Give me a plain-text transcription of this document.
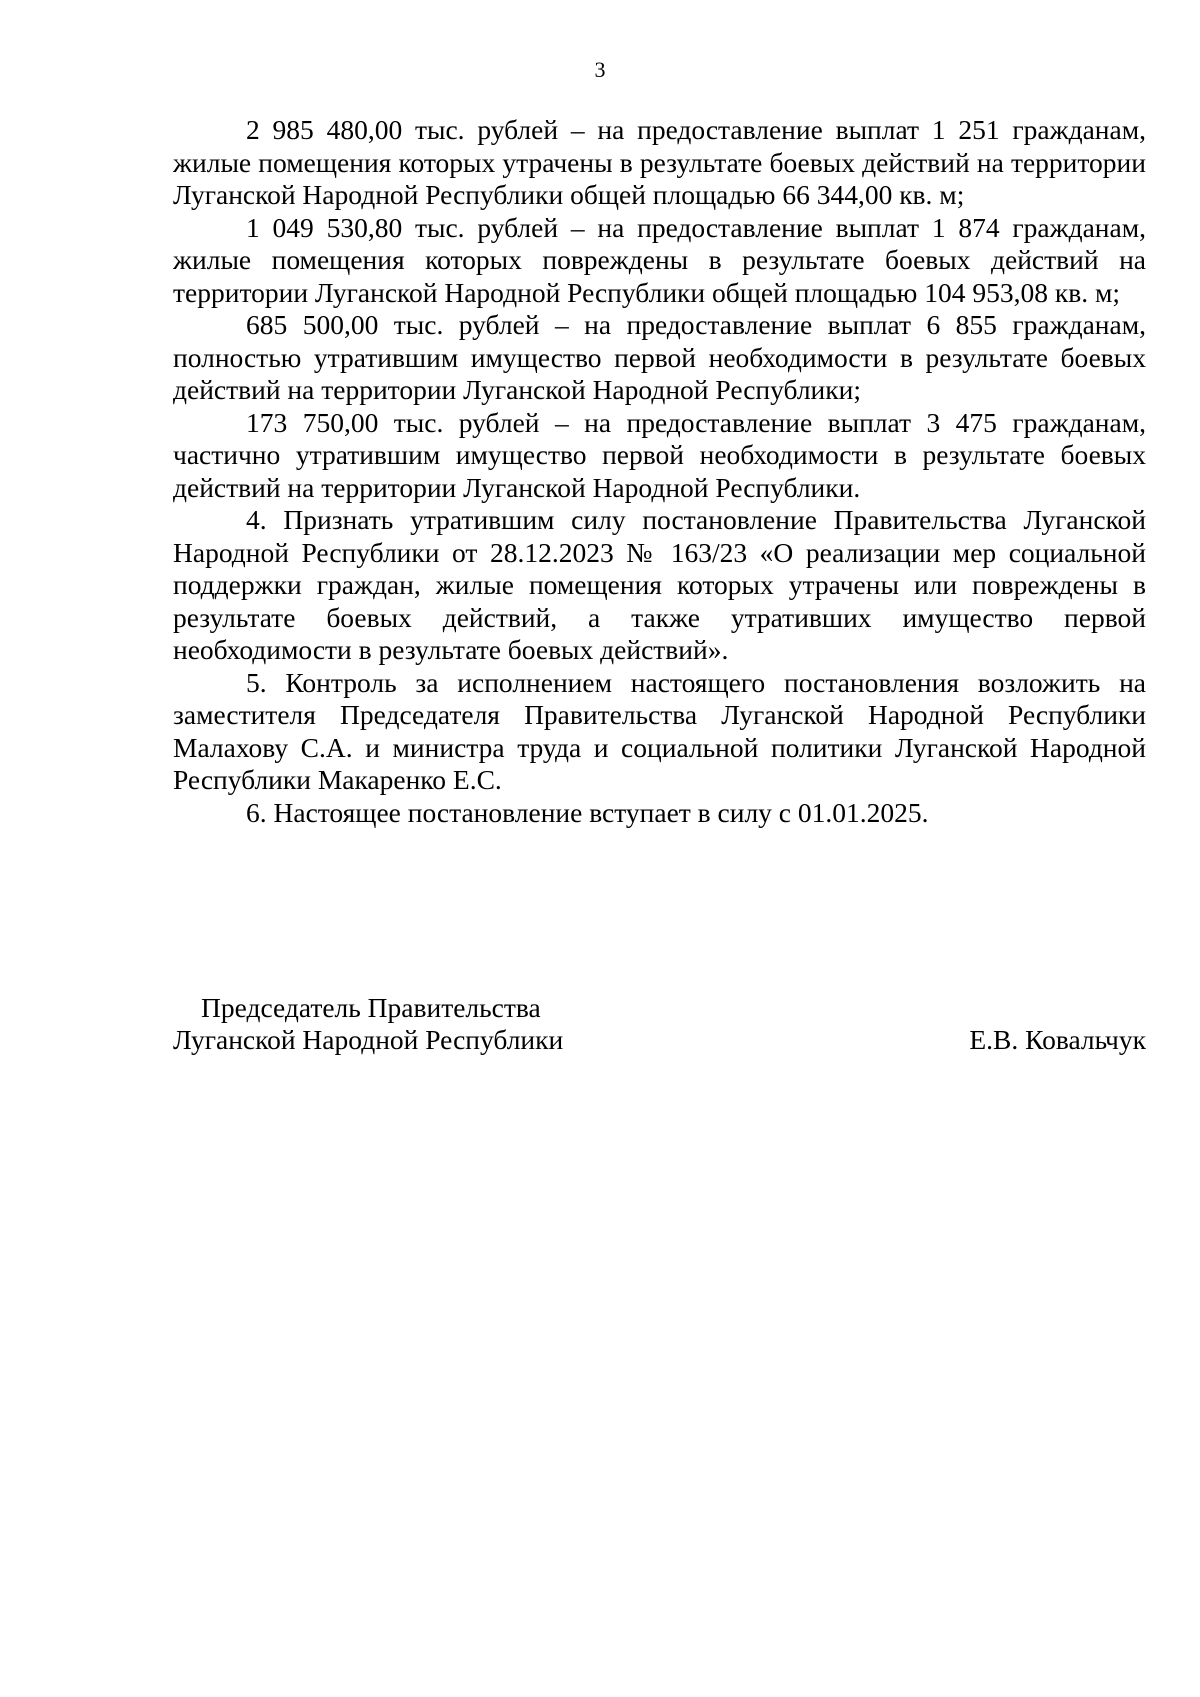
3

2 985 480,00 тыс. рублей – на предоставление выплат 1 251 гражданам, жилые помещения которых утрачены в результате боевых действий на территории Луганской Народной Республики общей площадью 66 344,00 кв. м;

1 049 530,80 тыс. рублей – на предоставление выплат 1 874 гражданам, жилые помещения которых повреждены в результате боевых действий на территории Луганской Народной Республики общей площадью 104 953,08 кв. м;

685 500,00 тыс. рублей – на предоставление выплат 6 855 гражданам, полностью утратившим имущество первой необходимости в результате боевых действий на территории Луганской Народной Республики;

173 750,00 тыс. рублей – на предоставление выплат 3 475 гражданам, частично утратившим имущество первой необходимости в результате боевых действий на территории Луганской Народной Республики.

4. Признать утратившим силу постановление Правительства Луганской Народной Республики от 28.12.2023 № 163/23 «О реализации мер социальной поддержки граждан, жилые помещения которых утрачены или повреждены в результате боевых действий, а также утративших имущество первой необходимости в результате боевых действий».

5. Контроль за исполнением настоящего постановления возложить на заместителя Председателя Правительства Луганской Народной Республики Малахову С.А. и министра труда и социальной политики Луганской Народной Республики Макаренко Е.С.

6. Настоящее постановление вступает в силу с 01.01.2025.

Председатель Правительства
Луганской Народной Республики	Е.В. Ковальчук
